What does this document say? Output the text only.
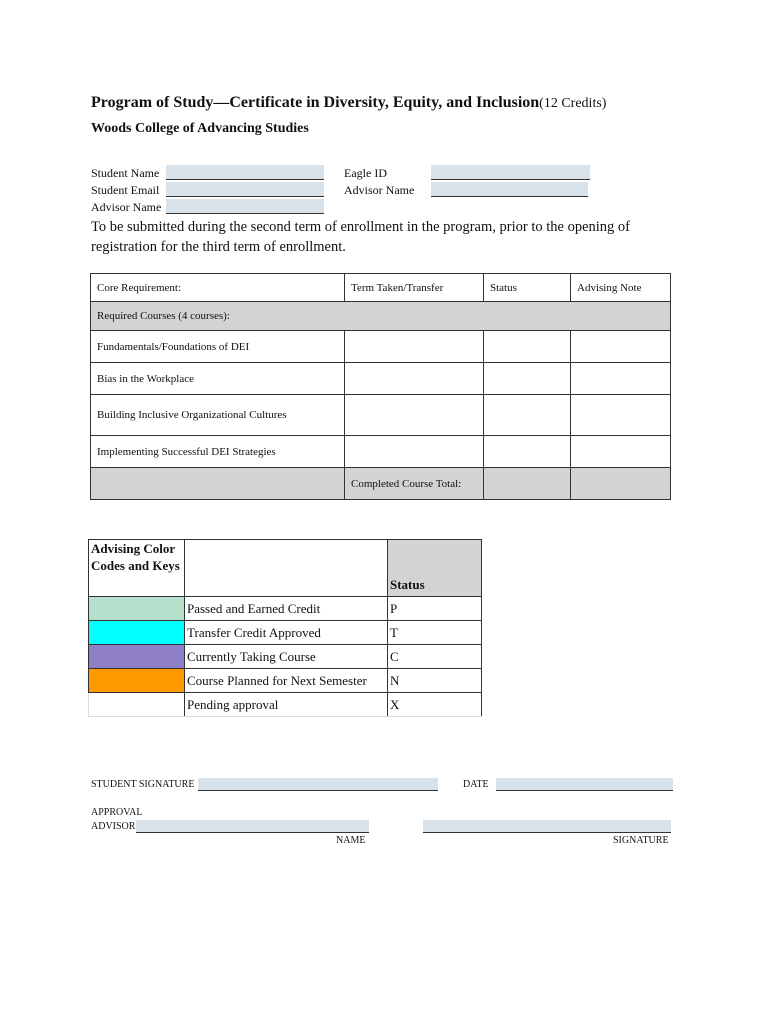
Program of Study—Certificate in Diversity, Equity, and Inclusion(12 Credits)
Woods College of Advancing Studies
Student Name
Student Email
Advisor Name
Eagle ID
Advisor Name
To be submitted during the second term of enrollment in the program, prior to the opening of registration for the third term of enrollment.
Core Requirement:	Term Taken/Transfer	Status	Advising Note
Required Courses (4 courses):			
Fundamentals/Foundations of DEI			
Bias in the Workplace			
Building Inclusive Organizational Cultures			
Implementing Successful DEI Strategies			
	Completed Course Total:		
Advising Color Codes and Keys		Status
	Passed and Earned Credit	P
	Transfer Credit Approved	T
	Currently Taking Course	C
	Course Planned for Next Semester	N
	Pending approval	X
STUDENT SIGNATURE	DATE
APPROVAL
ADVISOR
NAME	SIGNATURE
